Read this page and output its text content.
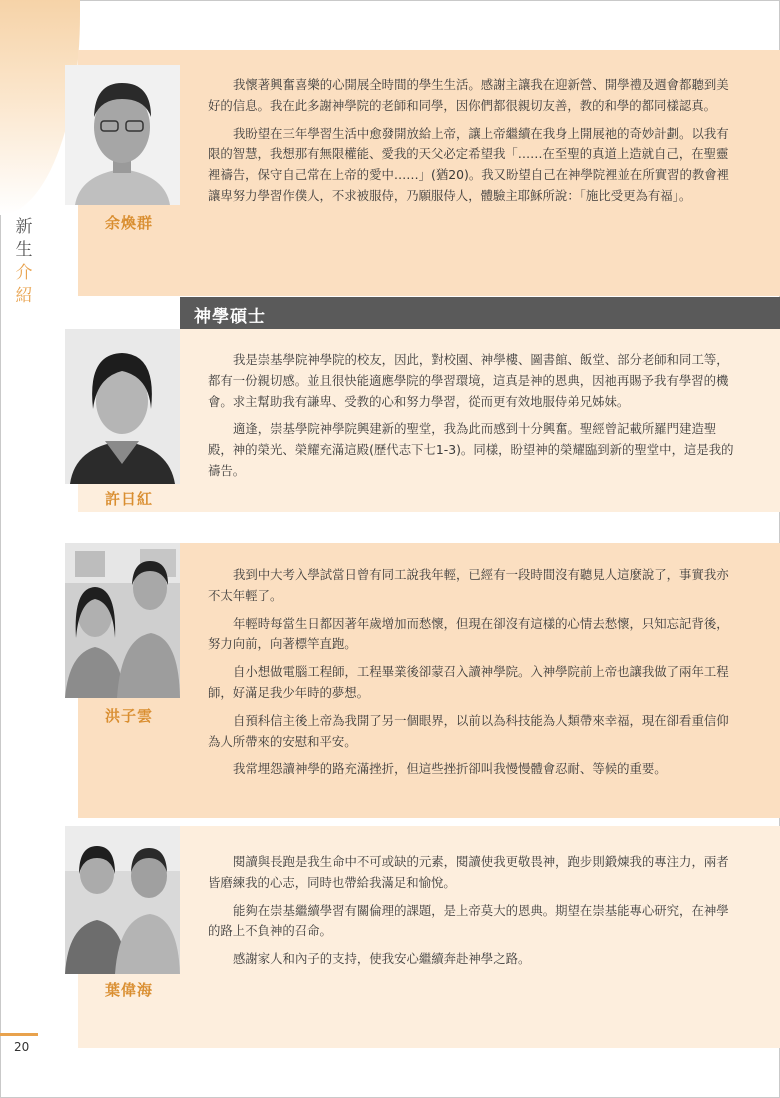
新
生
介
紹
余煥群

我懷著興奮喜樂的心開展全時間的學生生活。感謝主讓我在迎新營、開學禮及週會都聽到美好的信息。我在此多謝神學院的老師和同學，因你們都很親切友善，教的和學的都同樣認真。

我盼望在三年學習生活中愈發開放給上帝，讓上帝繼續在我身上開展祂的奇妙計劃。以我有限的智慧，我想那有無限權能、愛我的天父必定希望我「……在至聖的真道上造就自己，在聖靈裡禱告，保守自己常在上帝的愛中……」(猶20)。我又盼望自己在神學院裡並在所實習的教會裡讓卑努力學習作僕人，不求被服侍，乃願服侍人，體驗主耶穌所說：「施比受更為有福」。

神學碩士
許日紅

我是崇基學院神學院的校友，因此，對校園、神學樓、圖書館、飯堂、部分老師和同工等，都有一份親切感。並且很快能適應學院的學習環境，這真是神的恩典，因祂再賜予我有學習的機會。求主幫助我有謙卑、受教的心和努力學習，從而更有效地服侍弟兄姊妹。

適逢，崇基學院神學院興建新的聖堂，我為此而感到十分興奮。聖經曾記載所羅門建造聖殿，神的榮光、榮耀充滿這殿(歷代志下七1-3)。同樣，盼望神的榮耀臨到新的聖堂中，這是我的禱告。

洪子雲

我到中大考入學試當日曾有同工說我年輕，已經有一段時間沒有聽見人這麼說了，事實我亦不太年輕了。

年輕時每當生日都因著年歲增加而愁懷，但現在卻沒有這樣的心情去愁懷，只知忘記背後，努力向前，向著標竿直跑。

自小想做電腦工程師，工程畢業後卻蒙召入讀神學院。入神學院前上帝也讓我做了兩年工程師，好滿足我少年時的夢想。

自預科信主後上帝為我開了另一個眼界，以前以為科技能為人類帶來幸福，現在卻看重信仰為人所帶來的安慰和平安。

我常埋怨讀神學的路充滿挫折，但這些挫折卻叫我慢慢體會忍耐、等候的重要。

葉偉海

閱讀與長跑是我生命中不可或缺的元素，閱讀使我更敬畏神，跑步則鍛煉我的專注力，兩者皆磨練我的心志，同時也帶給我滿足和愉悅。

能夠在崇基繼續學習有關倫理的課題，是上帝莫大的恩典。期望在崇基能專心研究，在神學的路上不負神的召命。

感謝家人和內子的支持，使我安心繼續奔赴神學之路。

20
